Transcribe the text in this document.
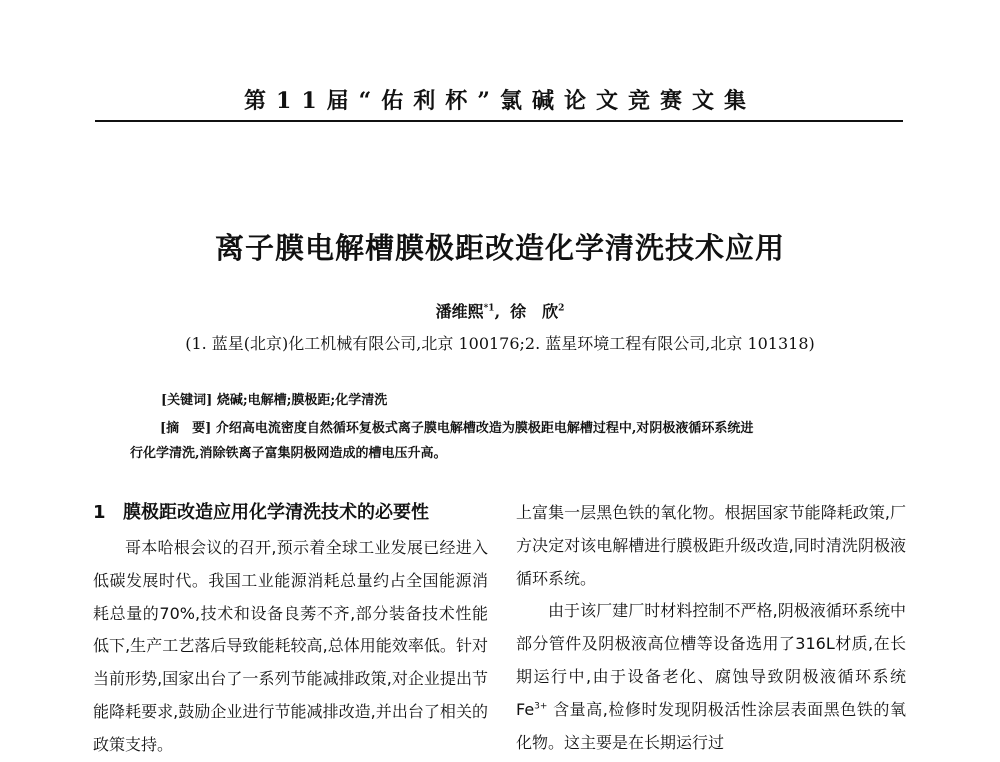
第11届“佑利杯”氯碱论文竞赛文集
离子膜电解槽膜极距改造化学清洗技术应用
潘维熙$^{*1}$, 徐　欣$^2$
(1. 蓝星(北京)化工机械有限公司,北京 100176;2. 蓝星环境工程有限公司,北京 101318)
[关键词] 烧碱;电解槽;膜极距;化学清洗
[摘　要] 介绍高电流密度自然循环复极式离子膜电解槽改造为膜极距电解槽过程中,对阴极液循环系统进
行化学清洗,消除铁离子富集阴极网造成的槽电压升高。
1 膜极距改造应用化学清洗技术的必要性

哥本哈根会议的召开,预示着全球工业发展已经进入低碳发展时代。我国工业能源消耗总量约占全国能源消耗总量的70%,技术和设备良莠不齐,部分装备技术性能低下,生产工艺落后导致能耗较高,总体用能效率低。针对当前形势,国家出台了一系列节能减排政策,对企业提出节能降耗要求,鼓励企业进行节能减排改造,并出台了相关的政策支持。

上富集一层黑色铁的氧化物。根据国家节能降耗政策,厂方决定对该电解槽进行膜极距升级改造,同时清洗阴极液循环系统。

由于该厂建厂时材料控制不严格,阴极液循环系统中部分管件及阴极液高位槽等设备选用了316L材质,在长期运行中,由于设备老化、腐蚀导致阴极液循环系统 $Fe^{3+}$ 含量高,检修时发现阴极活性涂层表面黑色铁的氧化物。这主要是在长期运行过
